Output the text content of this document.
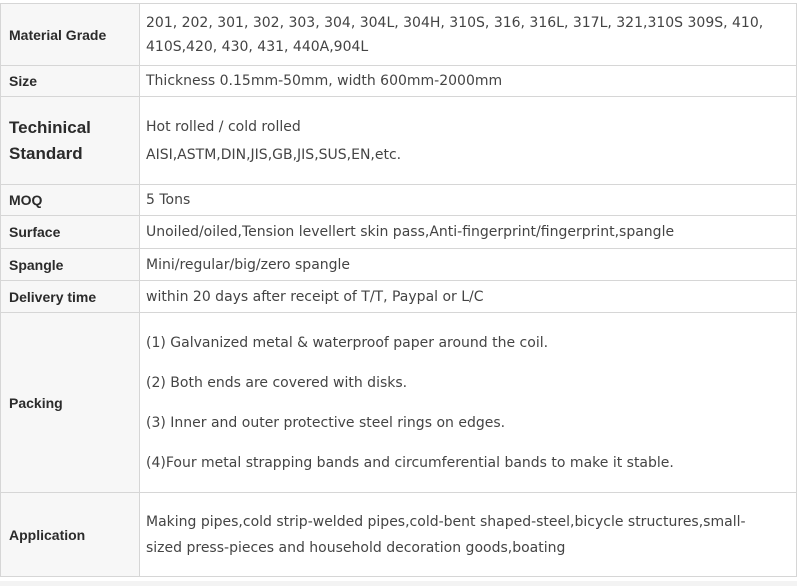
Material Grade	201, 202, 301, 302, 303, 304, 304L, 304H, 310S, 316, 316L, 317L, 321,310S 309S, 410,
410S,420, 430, 431, 440A,904L

Size	Thickness 0.15mm-50mm, width 600mm-2000mm

Techinical
Standard	Hot rolled / cold rolled
AISI,ASTM,DIN,JIS,GB,JIS,SUS,EN,etc.

MOQ	5 Tons

Surface	Unoiled/oiled,Tension levellert skin pass,Anti-fingerprint/fingerprint,spangle

Spangle	Mini/regular/big/zero spangle

Delivery time	within 20 days after receipt of T/T, Paypal or L/C

Packing	(1) Galvanized metal & waterproof paper around the coil.
(2) Both ends are covered with disks.
(3) Inner and outer protective steel rings on edges.
(4)Four metal strapping bands and circumferential bands to make it stable.

Application	Making pipes,cold strip-welded pipes,cold-bent shaped-steel,bicycle structures,small-
sized press-pieces and household decoration goods,boating
